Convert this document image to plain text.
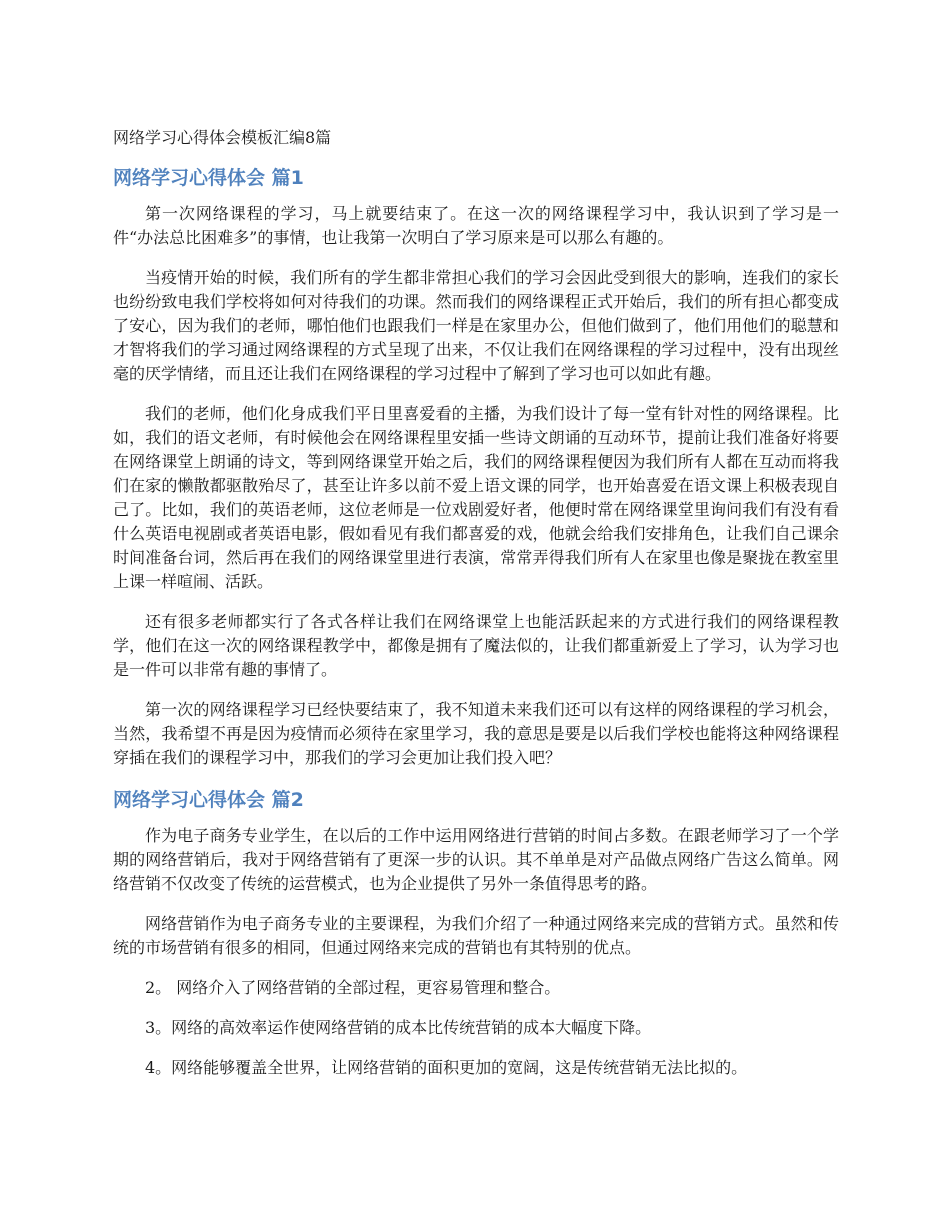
网络学习心得体会模板汇编8篇
网络学习心得体会 篇1

第一次网络课程的学习，马上就要结束了。在这一次的网络课程学习中，我认识到了学习是一件“办法总比困难多”的事情，也让我第一次明白了学习原来是可以那么有趣的。

当疫情开始的时候，我们所有的学生都非常担心我们的学习会因此受到很大的影响，连我们的家长也纷纷致电我们学校将如何对待我们的功课。然而我们的网络课程正式开始后，我们的所有担心都变成了安心，因为我们的老师，哪怕他们也跟我们一样是在家里办公，但他们做到了，他们用他们的聪慧和才智将我们的学习通过网络课程的方式呈现了出来，不仅让我们在网络课程的学习过程中，没有出现丝毫的厌学情绪，而且还让我们在网络课程的学习过程中了解到了学习也可以如此有趣。

我们的老师，他们化身成我们平日里喜爱看的主播，为我们设计了每一堂有针对性的网络课程。比如，我们的语文老师，有时候他会在网络课程里安插一些诗文朗诵的互动环节，提前让我们准备好将要在网络课堂上朗诵的诗文，等到网络课堂开始之后，我们的网络课程便因为我们所有人都在互动而将我们在家的懒散都驱散殆尽了，甚至让许多以前不爱上语文课的同学，也开始喜爱在语文课上积极表现自己了。比如，我们的英语老师，这位老师是一位戏剧爱好者，他便时常在网络课堂里询问我们有没有看什么英语电视剧或者英语电影，假如看见有我们都喜爱的戏，他就会给我们安排角色，让我们自己课余时间准备台词，然后再在我们的网络课堂里进行表演，常常弄得我们所有人在家里也像是聚拢在教室里上课一样喧闹、活跃。

还有很多老师都实行了各式各样让我们在网络课堂上也能活跃起来的方式进行我们的网络课程教学，他们在这一次的网络课程教学中，都像是拥有了魔法似的，让我们都重新爱上了学习，认为学习也是一件可以非常有趣的事情了。

第一次的网络课程学习已经快要结束了，我不知道未来我们还可以有这样的网络课程的学习机会，当然，我希望不再是因为疫情而必须待在家里学习，我的意思是要是以后我们学校也能将这种网络课程穿插在我们的课程学习中，那我们的学习会更加让我们投入吧？

网络学习心得体会 篇2

作为电子商务专业学生，在以后的工作中运用网络进行营销的时间占多数。在跟老师学习了一个学期的网络营销后，我对于网络营销有了更深一步的认识。其不单单是对产品做点网络广告这么简单。网络营销不仅改变了传统的运营模式，也为企业提供了另外一条值得思考的路。

网络营销作为电子商务专业的主要课程，为我们介绍了一种通过网络来完成的营销方式。虽然和传统的市场营销有很多的相同，但通过网络来完成的营销也有其特别的优点。

2。 网络介入了网络营销的全部过程，更容易管理和整合。

3。网络的高效率运作使网络营销的成本比传统营销的成本大幅度下降。

4。网络能够覆盖全世界，让网络营销的面积更加的宽阔，这是传统营销无法比拟的。
